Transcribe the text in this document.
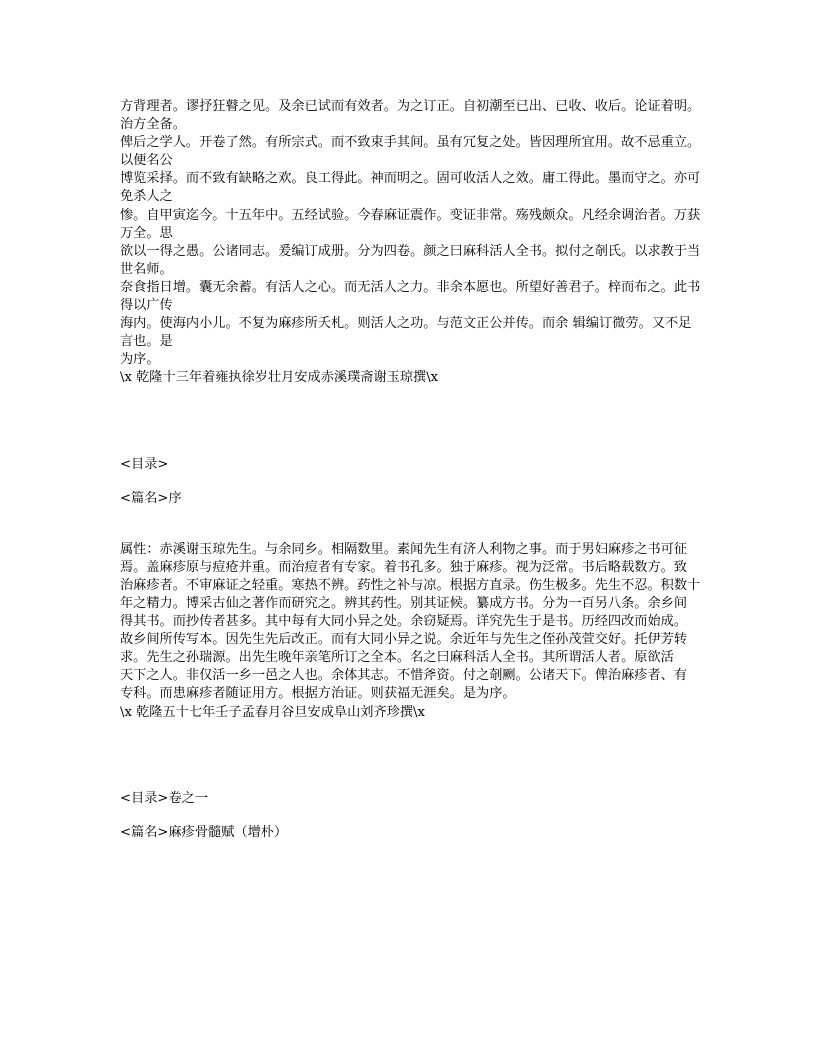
方背理者。谬抒狂瞽之见。及余已试而有效者。为之订正。自初潮至已出、已收、收后。论证着明。治方全备。
俾后之学人。开卷了然。有所宗式。而不致束手其间。虽有冗复之处。皆因理所宜用。故不忌重立。以便名公
博览采择。而不致有缺略之欢。良工得此。神而明之。固可收活人之效。庸工得此。墨而守之。亦可免杀人之
惨。自甲寅迄今。十五年中。五经试验。今春麻证震作。变证非常。殇残颇众。凡经余调治者。万获万全。思
欲以一得之愚。公诸同志。爰编订成册。分为四卷。颜之曰麻科活人全书。拟付之剞氏。以求教于当世名师。
奈食指日增。囊无余蓄。有活人之心。而无活人之力。非余本愿也。所望好善君子。梓而布之。此书得以广传
海内。使海内小儿。不复为麻疹所夭札。则活人之功。与范文正公并传。而余 辑编订微劳。又不足言也。是
为序。
\x 乾隆十三年着雍执徐岁壮月安成赤溪璞斋谢玉琼撰\x
<目录>
<篇名>序
属性：赤溪谢玉琼先生。与余同乡。相隔数里。素闻先生有济人利物之事。而于男妇麻疹之书可征
焉。盖麻疹原与痘疮并重。而治痘者有专家。着书孔多。独于麻疹。视为泛常。书后略载数方。致
治麻疹者。不审麻证之轻重。寒热不辨。药性之补与凉。根据方直录。伤生极多。先生不忍。积数十
年之精力。博采古仙之著作而研究之。辨其药性。别其证候。纂成方书。分为一百另八条。余乡间
得其书。而抄传者甚多。其中每有大同小异之处。余窃疑焉。详究先生于是书。历经四改而始成。
故乡间所传写本。因先生先后改正。而有大同小异之说。余近年与先生之侄孙茂萱交好。托伊芳转
求。先生之孙瑞源。出先生晚年亲笔所订之全本。名之曰麻科活人全书。其所谓活人者。原欲活
天下之人。非仅活一乡一邑之人也。余体其志。不惜斧资。付之剞劂。公诸天下。俾治麻疹者、有
专科。而患麻疹者随证用方。根据方治证。则获福无涯矣。是为序。
\x 乾隆五十七年壬子孟春月谷旦安成阜山刘齐珍撰\x
<目录>卷之一
<篇名>麻疹骨髓赋（增朴）
